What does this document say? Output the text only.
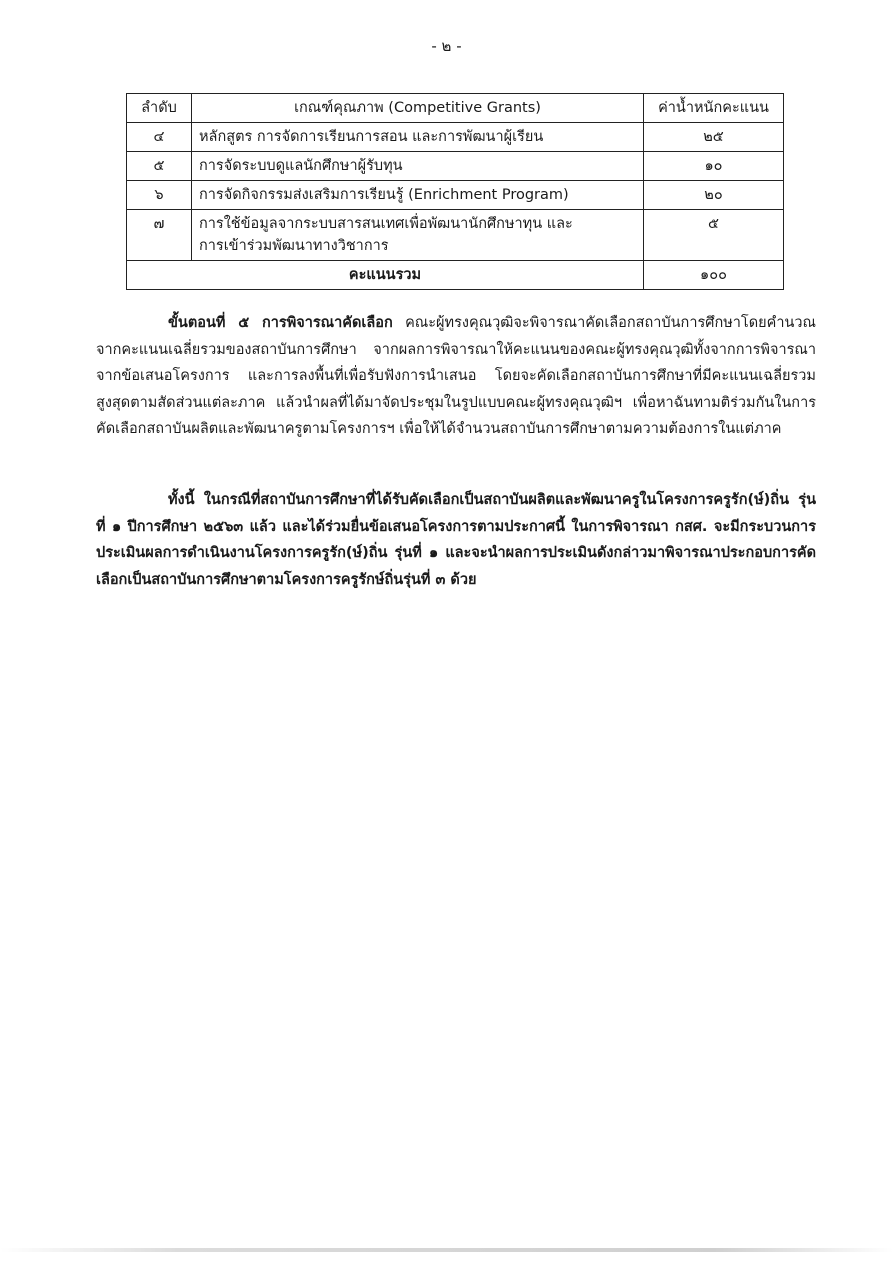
- ๒ -
ลำดับ	เกณฑ์คุณภาพ (Competitive Grants)	ค่าน้ำหนักคะแนน
๔	หลักสูตร การจัดการเรียนการสอน และการพัฒนาผู้เรียน	๒๕
๕	การจัดระบบดูแลนักศึกษาผู้รับทุน	๑๐
๖	การจัดกิจกรรมส่งเสริมการเรียนรู้ (Enrichment Program)	๒๐
๗	การใช้ข้อมูลจากระบบสารสนเทศเพื่อพัฒนานักศึกษาทุน และ
การเข้าร่วมพัฒนาทางวิชาการ	๕
คะแนนรวม		๑๐๐

ขั้นตอนที่ ๕ การพิจารณาคัดเลือก คณะผู้ทรงคุณวุฒิจะพิจารณาคัดเลือกสถาบันการศึกษาโดยคำนวณจากคะแนนเฉลี่ยรวมของสถาบันการศึกษา จากผลการพิจารณาให้คะแนนของคณะผู้ทรงคุณวุฒิทั้งจากการพิจารณาจากข้อเสนอโครงการ และการลงพื้นที่เพื่อรับฟังการนำเสนอ โดยจะคัดเลือกสถาบันการศึกษาที่มีคะแนนเฉลี่ยรวมสูงสุดตามสัดส่วนแต่ละภาค แล้วนำผลที่ได้มาจัดประชุมในรูปแบบคณะผู้ทรงคุณวุฒิฯ เพื่อหาฉันทามติร่วมกันในการคัดเลือกสถาบันผลิตและพัฒนาครูตามโครงการฯ เพื่อให้ได้จำนวนสถาบันการศึกษาตามความต้องการในแต่ภาค

ทั้งนี้ ในกรณีที่สถาบันการศึกษาที่ได้รับคัดเลือกเป็นสถาบันผลิตและพัฒนาครูในโครงการครูรัก(ษ์)ถิ่น รุ่นที่ ๑ ปีการศึกษา ๒๕๖๓ แล้ว และได้ร่วมยื่นข้อเสนอโครงการตามประกาศนี้ ในการพิจารณา กสศ. จะมีกระบวนการประเมินผลการดำเนินงานโครงการครูรัก(ษ์)ถิ่น รุ่นที่ ๑ และจะนำผลการประเมินดังกล่าวมาพิจารณาประกอบการคัดเลือกเป็นสถาบันการศึกษาตามโครงการครูรักษ์ถิ่นรุ่นที่ ๓ ด้วย
